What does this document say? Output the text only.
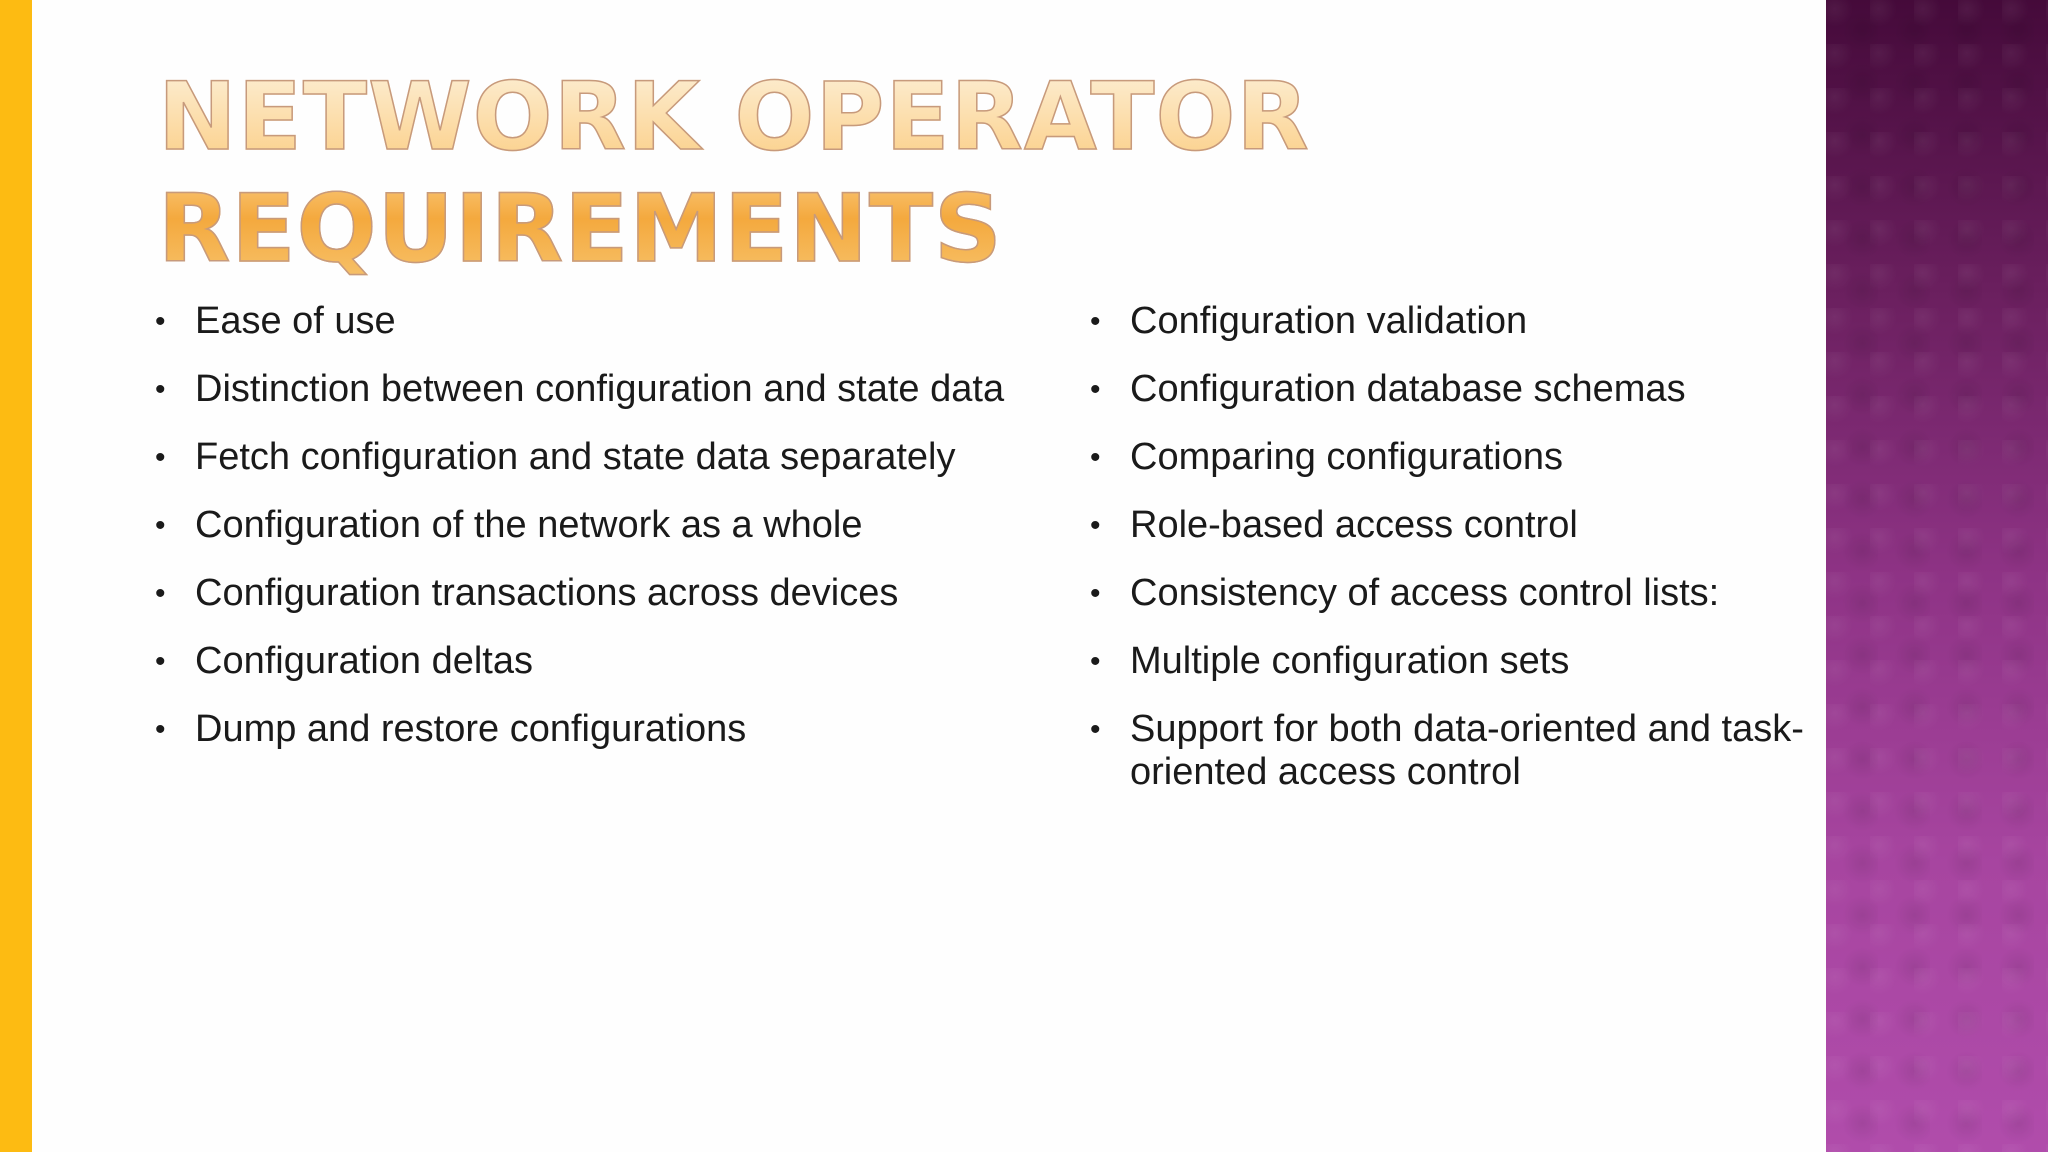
NETWORK OPERATOR
REQUIREMENTS
• Ease of use
• Distinction between configuration and state data
• Fetch configuration and state data separately
• Configuration of the network as a whole
• Configuration transactions across devices
• Configuration deltas
• Dump and restore configurations
• Configuration validation
• Configuration database schemas
• Comparing configurations
• Role-based access control
• Consistency of access control lists:
• Multiple configuration sets
• Support for both data-oriented and task-oriented access control
